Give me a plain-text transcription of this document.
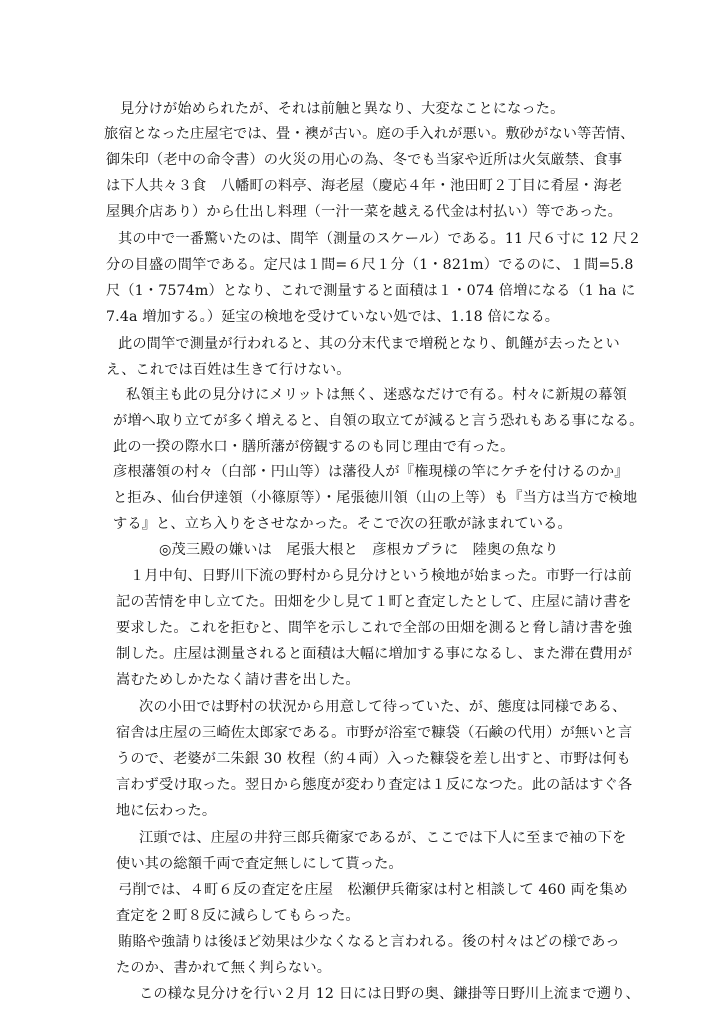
見分けが始められたが、それは前触と異なり、大変なことになった。
旅宿となった庄屋宅では、畳・襖が古い。庭の手入れが悪い。敷砂がない等苦情、
御朱印（老中の命令書）の火災の用心の為、冬でも当家や近所は火気厳禁、食事
は下人共々３食　八幡町の料亭、海老屋（慶応４年・池田町２丁目に肴屋・海老
屋興介店あり）から仕出し料理（一汁一菜を越える代金は村払い）等であった。
其の中で一番驚いたのは、間竿（測量のスケール）である。11 尺６寸に 12 尺２
分の目盛の間竿である。定尺は１間=６尺１分（1・821m）でるのに、１間=5.8
尺（1・7574m）となり、これで測量すると面積は１・074 倍増になる（1 ha に
7.4a 増加する。）延宝の検地を受けていない処では、1.18 倍になる。
此の間竿で測量が行われると、其の分末代まで増税となり、飢饉が去ったとい
え、これでは百姓は生きて行けない。
私領主も此の見分けにメリットは無く、迷惑なだけで有る。村々に新規の幕領
が増へ取り立てが多く増えると、自領の取立てが減ると言う恐れもある事になる。
此の一揆の際水口・膳所藩が傍観するのも同じ理由で有った。
彦根藩領の村々（白部・円山等）は藩役人が『権現様の竿にケチを付けるのか』
と拒み、仙台伊達領（小篠原等）・尾張徳川領（山の上等）も『当方は当方で検地
する』と、立ち入りをさせなかった。そこで次の狂歌が詠まれている。
◎茂三殿の嫌いは　尾張大根と　彦根カプラに　陸奥の魚なり
１月中旬、日野川下流の野村から見分けという検地が始まった。市野一行は前
記の苦情を申し立てた。田畑を少し見て１町と査定したとして、庄屋に請け書を
要求した。これを拒むと、間竿を示しこれで全部の田畑を測ると脅し請け書を強
制した。庄屋は測量されると面積は大幅に増加する事になるし、また滞在費用が
嵩むためしかたなく請け書を出した。
次の小田では野村の状況から用意して待っていた、が、態度は同様である、
宿舎は庄屋の三崎佐太郎家である。市野が浴室で糠袋（石鹸の代用）が無いと言
うので、老婆が二朱銀 30 枚程（約４両）入った糠袋を差し出すと、市野は何も
言わず受け取った。翌日から態度が変わり査定は１反になつた。此の話はすぐ各
地に伝わった。
江頭では、庄屋の井狩三郎兵衛家であるが、ここでは下人に至まで袖の下を
使い其の総額千両で査定無しにして貰った。
弓削では、４町６反の査定を庄屋　松瀬伊兵衛家は村と相談して 460 両を集め
査定を２町８反に減らしてもらった。
賄賂や強請りは後ほど効果は少なくなると言われる。後の村々はどの様であっ
たのか、書かれて無く判らない。
この様な見分けを行い２月 12 日には日野の奥、鎌掛等日野川上流まで遡り、
